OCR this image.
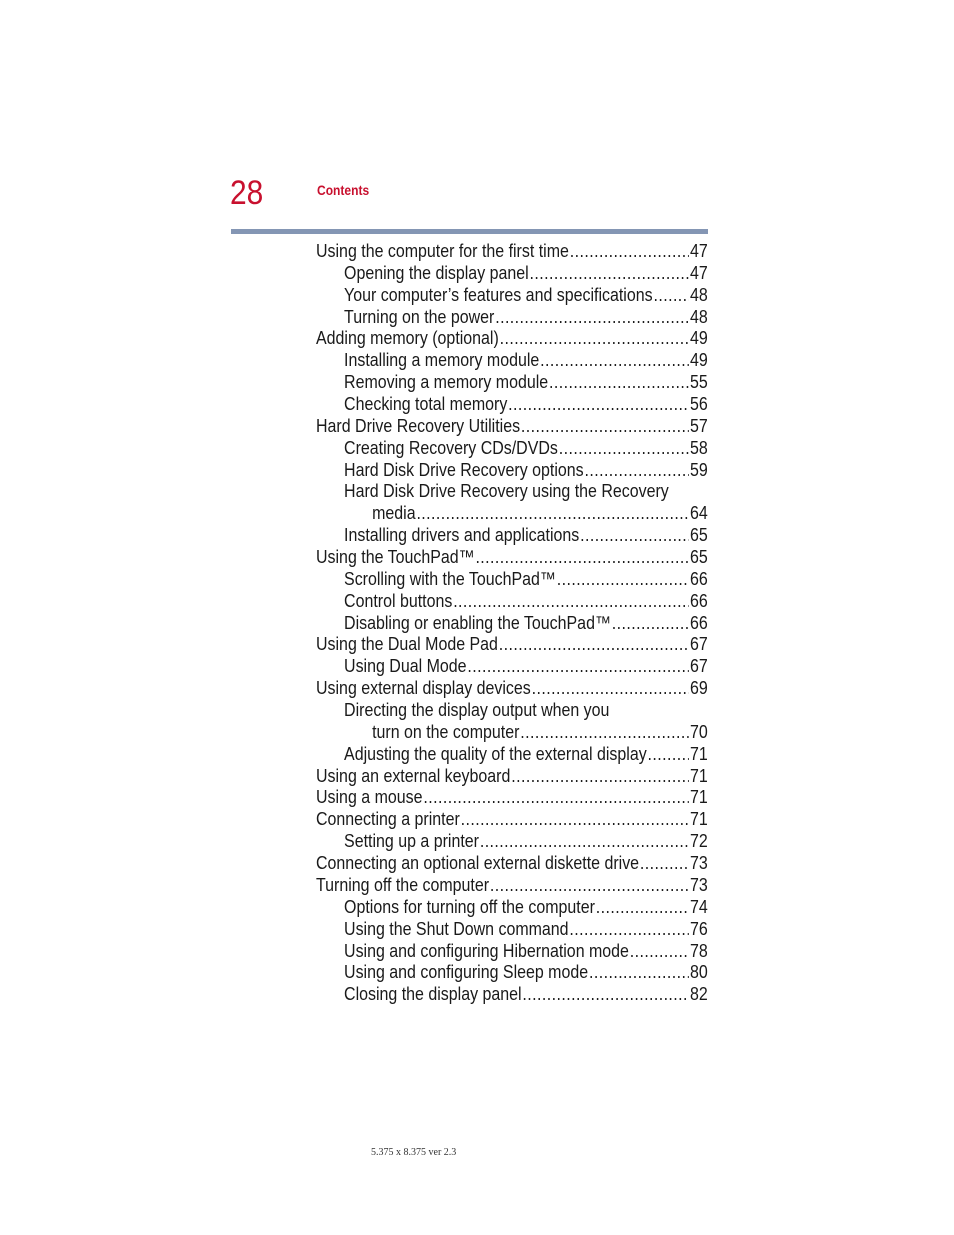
28	Contents
Using the computer for the first time .....	47
Opening the display panel .....	47
Your computer’s features and specifications ..... 48
Turning on the power .....	48
Adding memory (optional) .....	49
Installing a memory module .....	49
Removing a memory module .....	55
Checking total memory .....	56
Hard Drive Recovery Utilities .....	57
Creating Recovery CDs/DVDs .....	58
Hard Disk Drive Recovery options .....	59
Hard Disk Drive Recovery using the Recovery
media .....	64
Installing drivers and applications .....	65
Using the TouchPad™ .....	65
Scrolling with the TouchPad™ .....	66
Control buttons .....	66
Disabling or enabling the TouchPad™ .....	66
Using the Dual Mode Pad .....	67
Using Dual Mode .....	67
Using external display devices .....	69
Directing the display output when you
turn on the computer .....	70
Adjusting the quality of the external display ..... 71
Using an external keyboard .....	71
Using a mouse .....	71
Connecting a printer .....	71
Setting up a printer .....	72
Connecting an optional external diskette drive .....	73
Turning off the computer .....	73
Options for turning off the computer .....	74
Using the Shut Down command .....	76
Using and configuring Hibernation mode .....	78
Using and configuring Sleep mode .....	80
Closing the display panel .....	82
5.375 x 8.375 ver 2.3
